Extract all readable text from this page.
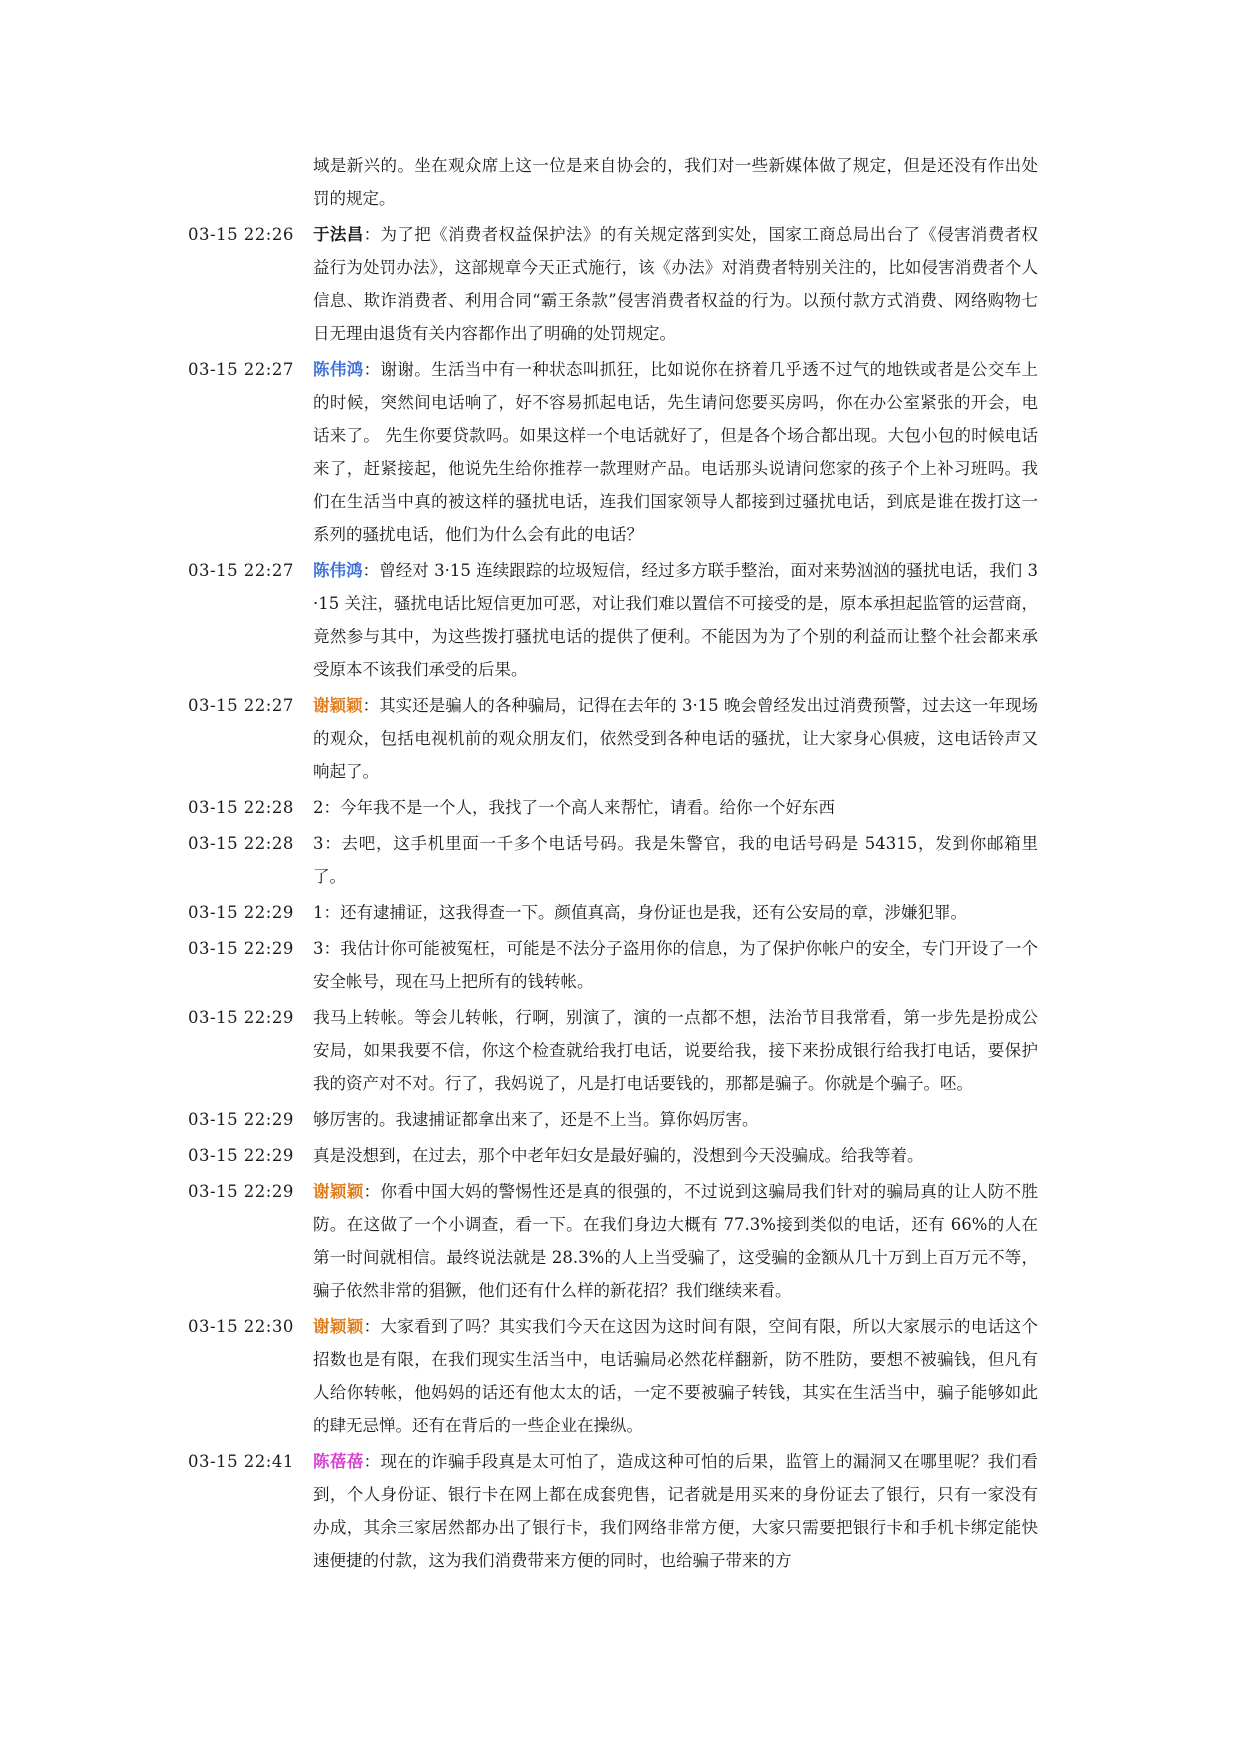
域是新兴的。坐在观众席上这一位是来自协会的，我们对一些新媒体做了规定，但是还没有作出处罚的规定。
03-15 22:26	于法昌：为了把《消费者权益保护法》的有关规定落到实处，国家工商总局出台了《侵害消费者权益行为处罚办法》，这部规章今天正式施行，该《办法》对消费者特别关注的，比如侵害消费者个人信息、欺诈消费者、利用合同“霸王条款”侵害消费者权益的行为。以预付款方式消费、网络购物七日无理由退货有关内容都作出了明确的处罚规定。
03-15 22:27	陈伟鸿：谢谢。生活当中有一种状态叫抓狂，比如说你在挤着几乎透不过气的地铁或者是公交车上的时候，突然间电话响了，好不容易抓起电话，先生请问您要买房吗，你在办公室紧张的开会，电话来了。 先生你要贷款吗。如果这样一个电话就好了，但是各个场合都出现。大包小包的时候电话来了，赶紧接起，他说先生给你推荐一款理财产品。电话那头说请问您家的孩子个上补习班吗。我们在生活当中真的被这样的骚扰电话，连我们国家领导人都接到过骚扰电话，到底是谁在拨打这一系列的骚扰电话，他们为什么会有此的电话？
03-15 22:27	陈伟鸿：曾经对 3·15 连续跟踪的垃圾短信，经过多方联手整治，面对来势汹汹的骚扰电话，我们 3·15 关注，骚扰电话比短信更加可恶，对让我们难以置信不可接受的是，原本承担起监管的运营商，竟然参与其中，为这些拨打骚扰电话的提供了便利。不能因为为了个别的利益而让整个社会都来承受原本不该我们承受的后果。
03-15 22:27	谢颖颖：其实还是骗人的各种骗局，记得在去年的 3·15 晚会曾经发出过消费预警，过去这一年现场的观众，包括电视机前的观众朋友们，依然受到各种电话的骚扰，让大家身心俱疲，这电话铃声又响起了。
03-15 22:28	2：今年我不是一个人，我找了一个高人来帮忙，请看。给你一个好东西
03-15 22:28	3：去吧，这手机里面一千多个电话号码。我是朱警官，我的电话号码是 54315，发到你邮箱里了。
03-15 22:29	1：还有逮捕证，这我得查一下。颜值真高，身份证也是我，还有公安局的章，涉嫌犯罪。
03-15 22:29	3：我估计你可能被冤枉，可能是不法分子盗用你的信息，为了保护你帐户的安全，专门开设了一个安全帐号，现在马上把所有的钱转帐。
03-15 22:29	我马上转帐。等会儿转帐，行啊，别演了，演的一点都不想，法治节目我常看，第一步先是扮成公安局，如果我要不信，你这个检查就给我打电话，说要给我，接下来扮成银行给我打电话，要保护我的资产对不对。行了，我妈说了，凡是打电话要钱的，那都是骗子。你就是个骗子。呸。
03-15 22:29	够厉害的。我逮捕证都拿出来了，还是不上当。算你妈厉害。
03-15 22:29	真是没想到，在过去，那个中老年妇女是最好骗的，没想到今天没骗成。给我等着。
03-15 22:29	谢颖颖：你看中国大妈的警惕性还是真的很强的，不过说到这骗局我们针对的骗局真的让人防不胜防。在这做了一个小调查，看一下。在我们身边大概有 77.3%接到类似的电话，还有 66%的人在第一时间就相信。最终说法就是 28.3%的人上当受骗了，这受骗的金额从几十万到上百万元不等，骗子依然非常的猖獗，他们还有什么样的新花招？我们继续来看。
03-15 22:30	谢颖颖：大家看到了吗？其实我们今天在这因为这时间有限，空间有限，所以大家展示的电话这个招数也是有限，在我们现实生活当中，电话骗局必然花样翻新，防不胜防，要想不被骗钱，但凡有人给你转帐，他妈妈的话还有他太太的话，一定不要被骗子转钱，其实在生活当中，骗子能够如此的肆无忌惮。还有在背后的一些企业在操纵。
03-15 22:41	陈蓓蓓：现在的诈骗手段真是太可怕了，造成这种可怕的后果，监管上的漏洞又在哪里呢？我们看到，个人身份证、银行卡在网上都在成套兜售，记者就是用买来的身份证去了银行，只有一家没有办成，其余三家居然都办出了银行卡，我们网络非常方便，大家只需要把银行卡和手机卡绑定能快速便捷的付款，这为我们消费带来方便的同时，也给骗子带来的方
